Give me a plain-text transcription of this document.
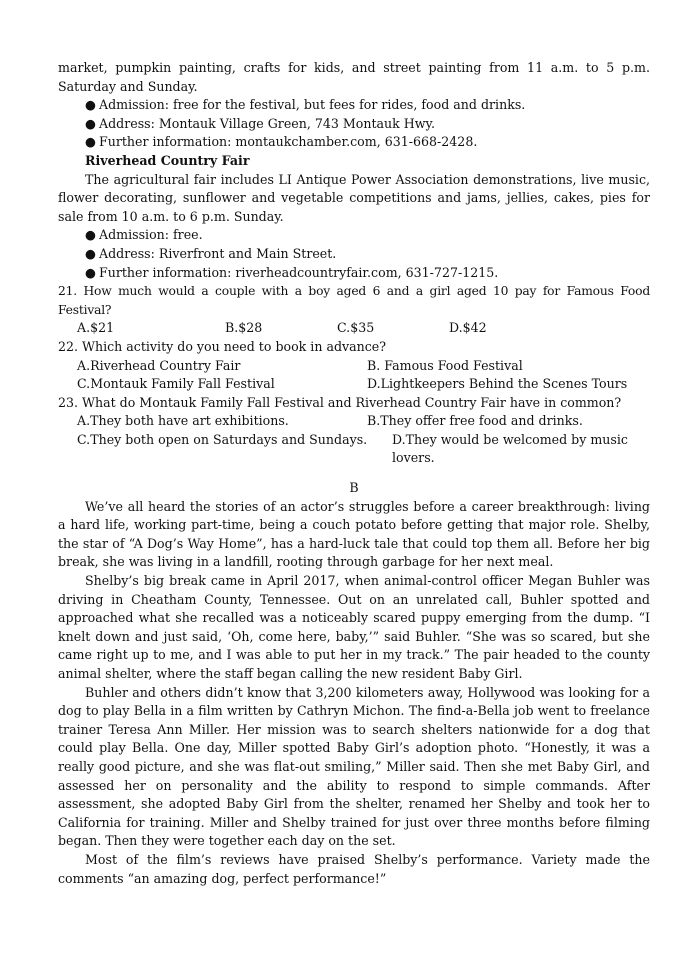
market, pumpkin painting, crafts for kids, and street painting from 11 a.m. to 5 p.m. Saturday and Sunday.

● Admission: free for the festival, but fees for rides, food and drinks.

● Address: Montauk Village Green, 743 Montauk Hwy.

● Further information: montaukchamber.com, 631-668-2428.

Riverhead Country Fair

The agricultural fair includes LI Antique Power Association demonstrations, live music, flower decorating, sunflower and vegetable competitions and jams, jellies, cakes, pies for sale from 10 a.m. to 6 p.m. Sunday.

● Admission: free.

● Address: Riverfront and Main Street.

● Further information: riverheadcountryfair.com, 631-727-1215.

21. How much would a couple with a boy aged 6 and a girl aged 10 pay for Famous Food Festival?

A.$21	B.$28	C.$35	D.$42

22. Which activity do you need to book in advance?

A.Riverhead Country Fair	B. Famous Food Festival
C.Montauk Family Fall Festival	D.Lightkeepers Behind the Scenes Tours

23. What do Montauk Family Fall Festival and Riverhead Country Fair have in common?

A.They both have art exhibitions.	B.They offer free food and drinks.
C.They both open on Saturdays and Sundays.	D.They would be welcomed by music lovers.

B

We’ve all heard the stories of an actor’s struggles before a career breakthrough: living a hard life, working part-time, being a couch potato before getting that major role. Shelby, the star of “A Dog’s Way Home”, has a hard-luck tale that could top them all. Before her big break, she was living in a landfill, rooting through garbage for her next meal.

Shelby’s big break came in April 2017, when animal-control officer Megan Buhler was driving in Cheatham County, Tennessee. Out on an unrelated call, Buhler spotted and approached what she recalled was a noticeably scared puppy emerging from the dump. “I knelt down and just said, ‘Oh, come here, baby,’” said Buhler. “She was so scared, but she came right up to me, and I was able to put her in my track.” The pair headed to the county animal shelter, where the staff began calling the new resident Baby Girl.

Buhler and others didn’t know that 3,200 kilometers away, Hollywood was looking for a dog to play Bella in a film written by Cathryn Michon. The find-a-Bella job went to freelance trainer Teresa Ann Miller. Her mission was to search shelters nationwide for a dog that could play Bella. One day, Miller spotted Baby Girl’s adoption photo. “Honestly, it was a really good picture, and she was flat-out smiling,” Miller said. Then she met Baby Girl, and assessed her on personality and the ability to respond to simple commands. After assessment, she adopted Baby Girl from the shelter, renamed her Shelby and took her to California for training. Miller and Shelby trained for just over three months before filming began. Then they were together each day on the set.

Most of the film’s reviews have praised Shelby’s performance. Variety made the comments “an amazing dog, perfect performance!”
